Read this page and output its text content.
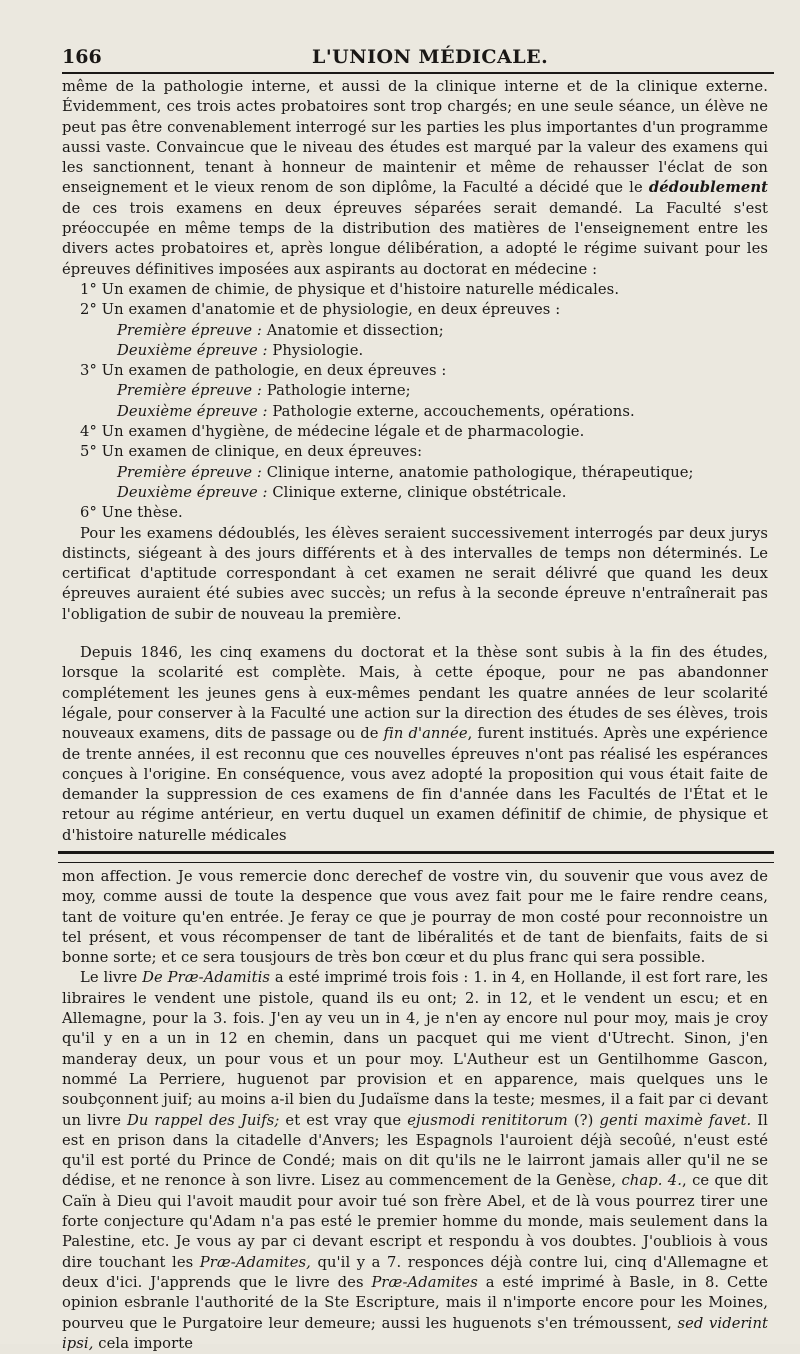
166	L'UNION MÉDICALE.

même de la pathologie interne, et aussi de la clinique interne et de la clinique externe. Évidemment, ces trois actes probatoires sont trop chargés; en une seule séance, un élève ne peut pas être convenablement interrogé sur les parties les plus importantes d'un programme aussi vaste. Convaincue que le niveau des études est marqué par la valeur des examens qui les sanctionnent, tenant à honneur de maintenir et même de rehausser l'éclat de son enseignement et le vieux renom de son diplôme, la Faculté a décidé que le dédoublement de ces trois examens en deux épreuves séparées serait demandé. La Faculté s'est préoccupée en même temps de la distribution des matières de l'enseignement entre les divers actes probatoires et, après longue délibération, a adopté le régime suivant pour les épreuves définitives imposées aux aspirants au doctorat en médecine :

1° Un examen de chimie, de physique et d'histoire naturelle médicales.

2° Un examen d'anatomie et de physiologie, en deux épreuves :

Première épreuve : Anatomie et dissection;

Deuxième épreuve : Physiologie.

3° Un examen de pathologie, en deux épreuves :

Première épreuve : Pathologie interne;

Deuxième épreuve : Pathologie externe, accouchements, opérations.

4° Un examen d'hygiène, de médecine légale et de pharmacologie.

5° Un examen de clinique, en deux épreuves:

Première épreuve : Clinique interne, anatomie pathologique, thérapeutique;

Deuxième épreuve : Clinique externe, clinique obstétricale.

6° Une thèse.

Pour les examens dédoublés, les élèves seraient successivement interrogés par deux jurys distincts, siégeant à des jours différents et à des intervalles de temps non déterminés. Le certificat d'aptitude correspondant à cet examen ne serait délivré que quand les deux épreuves auraient été subies avec succès; un refus à la seconde épreuve n'entraînerait pas l'obligation de subir de nouveau la première.

Depuis 1846, les cinq examens du doctorat et la thèse sont subis à la fin des études, lorsque la scolarité est complète. Mais, à cette époque, pour ne pas abandonner complétement les jeunes gens à eux-mêmes pendant les quatre années de leur scolarité légale, pour conserver à la Faculté une action sur la direction des études de ses élèves, trois nouveaux examens, dits de passage ou de fin d'année, furent institués. Après une expérience de trente années, il est reconnu que ces nouvelles épreuves n'ont pas réalisé les espérances conçues à l'origine. En conséquence, vous avez adopté la proposition qui vous était faite de demander la suppression de ces examens de fin d'année dans les Facultés de l'État et le retour au régime antérieur, en vertu duquel un examen définitif de chimie, de physique et d'histoire naturelle médicales

mon affection. Je vous remercie donc derechef de vostre vin, du souvenir que vous avez de moy, comme aussi de toute la despence que vous avez fait pour me le faire rendre ceans, tant de voiture qu'en entrée. Je feray ce que je pourray de mon costé pour reconnoistre un tel présent, et vous récompenser de tant de libéralités et de tant de bienfaits, faits de si bonne sorte; et ce sera tousjours de très bon cœur et du plus franc qui sera possible.

Le livre De Præ-Adamitis a esté imprimé trois fois : 1. in 4, en Hollande, il est fort rare, les libraires le vendent une pistole, quand ils eu ont; 2. in 12, et le vendent un escu; et en Allemagne, pour la 3. fois. J'en ay veu un in 4, je n'en ay encore nul pour moy, mais je croy qu'il y en a un in 12 en chemin, dans un pacquet qui me vient d'Utrecht. Sinon, j'en manderay deux, un pour vous et un pour moy. L'Autheur est un Gentilhomme Gascon, nommé La Perriere, huguenot par provision et en apparence, mais quelques uns le soubçonnent juif; au moins a-il bien du Judaïsme dans la teste; mesmes, il a fait par ci devant un livre Du rappel des Juifs; et est vray que ejusmodi renititorum (?) genti maximè favet. Il est en prison dans la citadelle d'Anvers; les Espagnols l'auroient déjà secoûé, n'eust esté qu'il est porté du Prince de Condé; mais on dit qu'ils ne le lairront jamais aller qu'il ne se dédise, et ne renonce à son livre. Lisez au commencement de la Genèse, chap. 4., ce que dit Caïn à Dieu qui l'avoit maudit pour avoir tué son frère Abel, et de là vous pourrez tirer une forte conjecture qu'Adam n'a pas esté le premier homme du monde, mais seulement dans la Palestine, etc. Je vous ay par ci devant escript et respondu à vos doubtes. J'oubliois à vous dire touchant les Præ-Adamites, qu'il y a 7. responces déjà contre lui, cinq d'Allemagne et deux d'ici. J'apprends que le livre des Præ-Adamites a esté imprimé à Basle, in 8. Cette opinion esbranle l'authorité de la Ste Escripture, mais il n'importe encore pour les Moines, pourveu que le Purgatoire leur demeure; aussi les huguenots s'en trémoussent, sed viderint ipsi, cela importe
